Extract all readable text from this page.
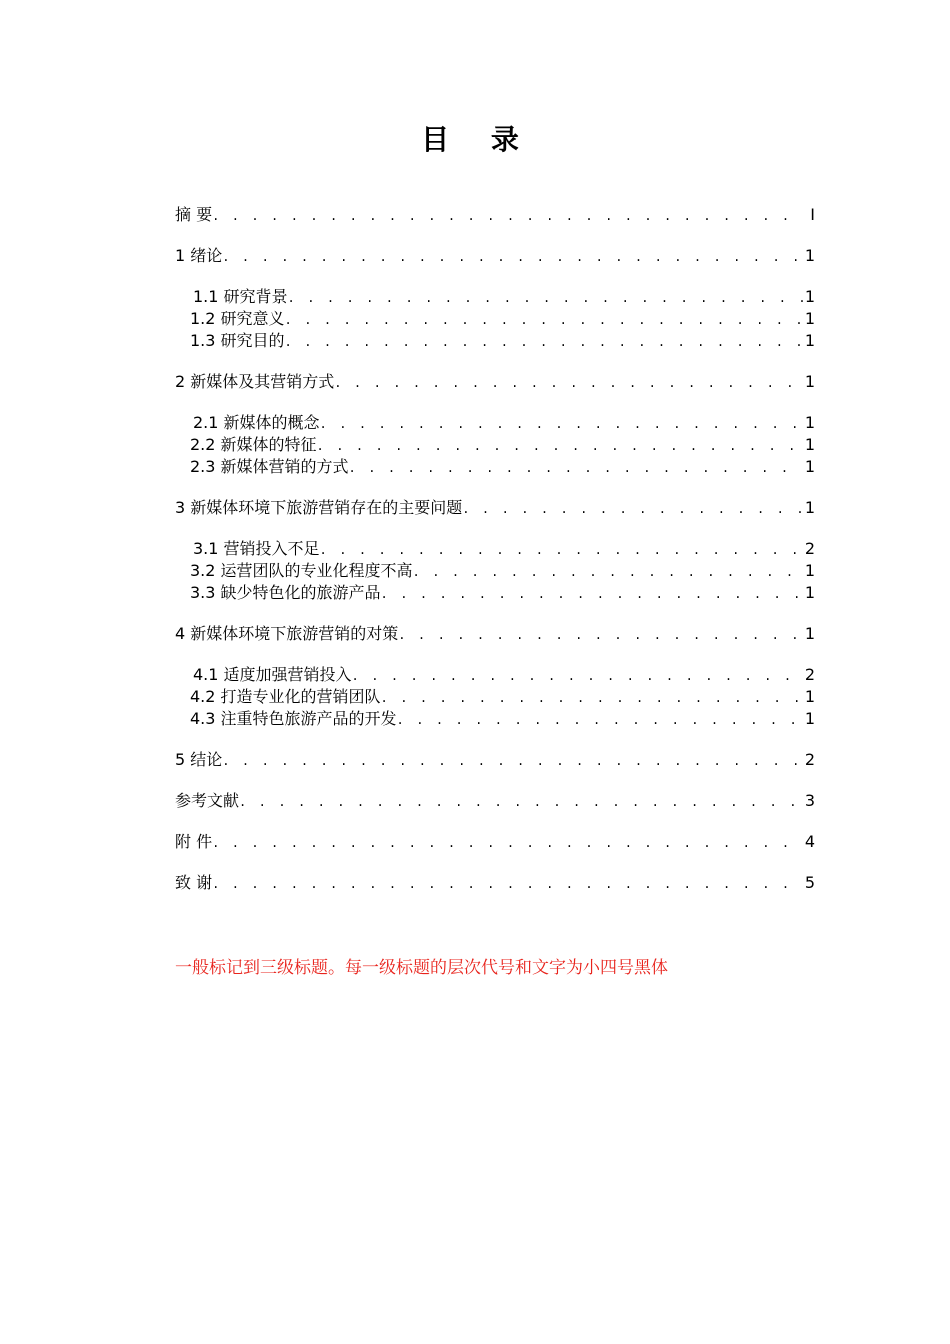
目 录
摘 要 . . .	I
1 绪论 . . .	1
1.1 研究背景 . . .	1
1.2 研究意义 . . .	1
1.3 研究目的 . . .	1
2 新媒体及其营销方式 . . .	1
2.1 新媒体的概念 . . .	1
2.2 新媒体的特征 . . .	1
2.3 新媒体营销的方式 . . .	1
3 新媒体环境下旅游营销存在的主要问题 . . .	1
3.1 营销投入不足 . . .	2
3.2 运营团队的专业化程度不高 . . .	1
3.3 缺少特色化的旅游产品 . . .	1
4 新媒体环境下旅游营销的对策 . . .	1
4.1 适度加强营销投入 . . .	2
4.2 打造专业化的营销团队 . . .	1
4.3 注重特色旅游产品的开发 . . .	1
5 结论 . . .	2
参考文献 . . .	3
附 件 . . .	4
致 谢 . . .	5
一般标记到三级标题。每一级标题的层次代号和文字为小四号黑体
